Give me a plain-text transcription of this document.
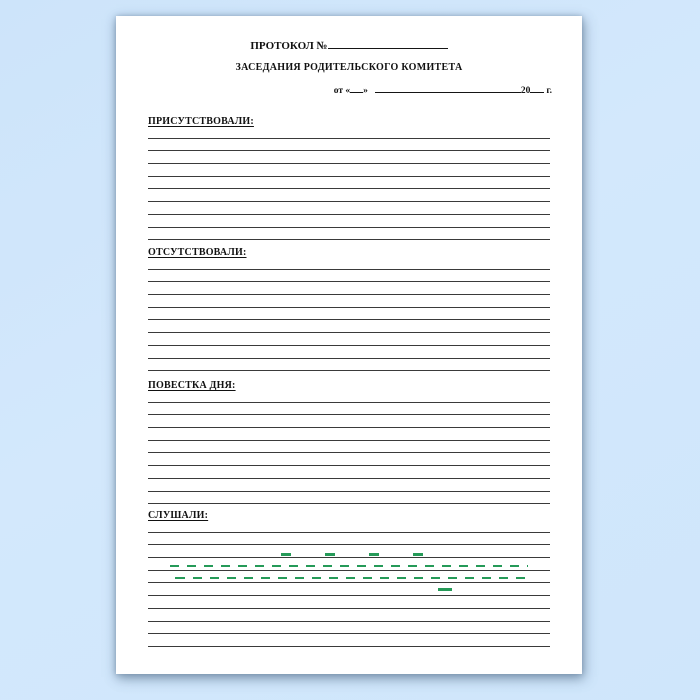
ПРОТОКОЛ №
ЗАСЕДАНИЯ РОДИТЕЛЬСКОГО КОМИТЕТА
от « »	20 г.
ПРИСУТСТВОВАЛИ:
ОТСУТСТВОВАЛИ:
ПОВЕСТКА ДНЯ:
СЛУШАЛИ:
